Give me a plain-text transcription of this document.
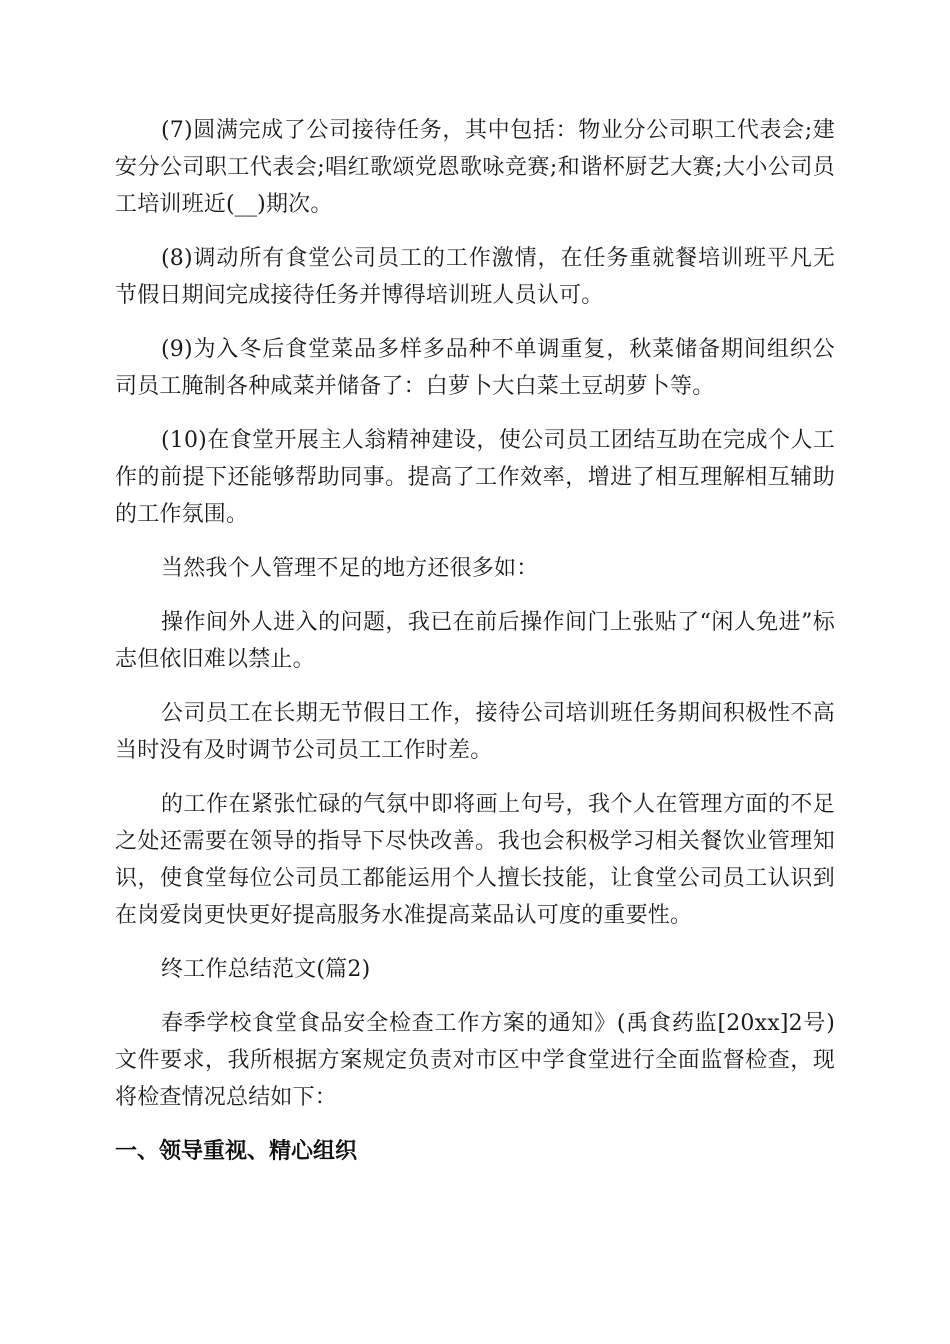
(7)圆满完成了公司接待任务，其中包括：物业分公司职工代表会;建安分公司职工代表会;唱红歌颂党恩歌咏竞赛;和谐杯厨艺大赛;大小公司员工培训班近(__)期次。

(8)调动所有食堂公司员工的工作激情，在任务重就餐培训班平凡无节假日期间完成接待任务并博得培训班人员认可。

(9)为入冬后食堂菜品多样多品种不单调重复，秋菜储备期间组织公司员工腌制各种咸菜并储备了：白萝卜大白菜土豆胡萝卜等。

(10)在食堂开展主人翁精神建设，使公司员工团结互助在完成个人工作的前提下还能够帮助同事。提高了工作效率，增进了相互理解相互辅助的工作氛围。

当然我个人管理不足的地方还很多如：

操作间外人进入的问题，我已在前后操作间门上张贴了“闲人免进”标志但依旧难以禁止。

公司员工在长期无节假日工作，接待公司培训班任务期间积极性不高当时没有及时调节公司员工工作时差。

的工作在紧张忙碌的气氛中即将画上句号，我个人在管理方面的不足之处还需要在领导的指导下尽快改善。我也会积极学习相关餐饮业管理知识，使食堂每位公司员工都能运用个人擅长技能，让食堂公司员工认识到在岗爱岗更快更好提高服务水准提高菜品认可度的重要性。

终工作总结范文(篇2)

春季学校食堂食品安全检查工作方案的通知》(禹食药监[20xx]2号)文件要求，我所根据方案规定负责对市区中学食堂进行全面监督检查，现将检查情况总结如下：

一、领导重视、精心组织
